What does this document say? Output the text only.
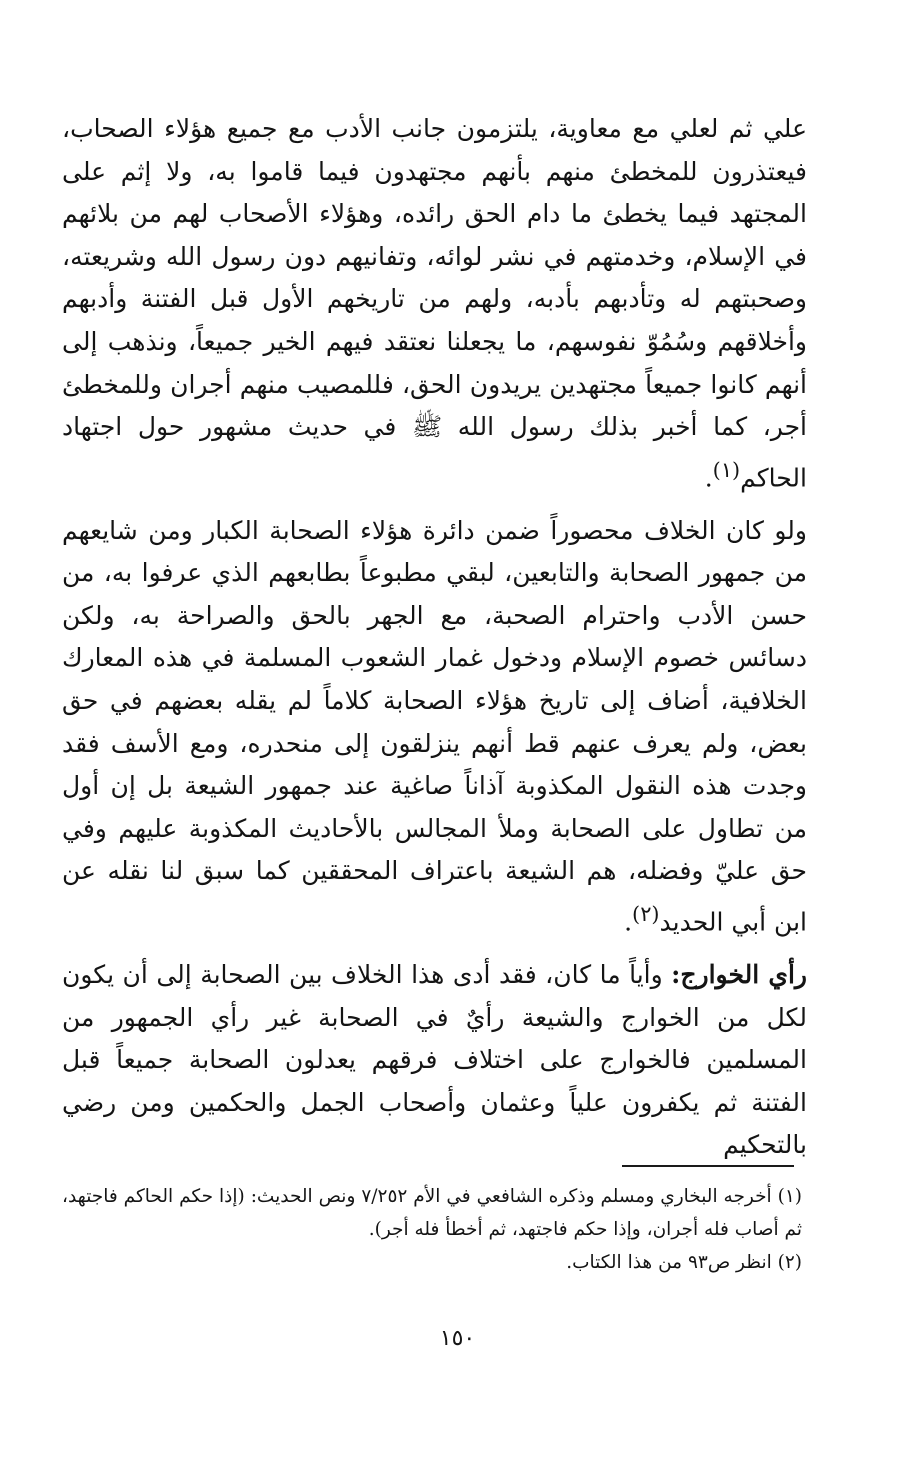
علي ثم لعلي مع معاوية، يلتزمون جانب الأدب مع جميع هؤلاء الصحاب، فيعتذرون للمخطئ منهم بأنهم مجتهدون فيما قاموا به، ولا إثم على المجتهد فيما يخطئ ما دام الحق رائده، وهؤلاء الأصحاب لهم من بلائهم في الإسلام، وخدمتهم في نشر لوائه، وتفانيهم دون رسول الله وشريعته، وصحبتهم له وتأدبهم بأدبه، ولهم من تاريخهم الأول قبل الفتنة وأدبهم وأخلاقهم وسُمُوّ نفوسهم، ما يجعلنا نعتقد فيهم الخير جميعاً، ونذهب إلى أنهم كانوا جميعاً مجتهدين يريدون الحق، فللمصيب منهم أجران وللمخطئ أجر، كما أخبر بذلك رسول الله ﷺ في حديث مشهور حول اجتهاد الحاكم$^{(١)}$.

ولو كان الخلاف محصوراً ضمن دائرة هؤلاء الصحابة الكبار ومن شايعهم من جمهور الصحابة والتابعين، لبقي مطبوعاً بطابعهم الذي عرفوا به، من حسن الأدب واحترام الصحبة، مع الجهر بالحق والصراحة به، ولكن دسائس خصوم الإسلام ودخول غمار الشعوب المسلمة في هذه المعارك الخلافية، أضاف إلى تاريخ هؤلاء الصحابة كلاماً لم يقله بعضهم في حق بعض، ولم يعرف عنهم قط أنهم ينزلقون إلى منحدره، ومع الأسف فقد وجدت هذه النقول المكذوبة آذاناً صاغية عند جمهور الشيعة بل إن أول من تطاول على الصحابة وملأ المجالس بالأحاديث المكذوبة عليهم وفي حق عليّ وفضله، هم الشيعة باعتراف المحققين كما سبق لنا نقله عن ابن أبي الحديد$^{(٢)}$.

رأي الخوارج: وأياً ما كان، فقد أدى هذا الخلاف بين الصحابة إلى أن يكون لكل من الخوارج والشيعة رأيٌ في الصحابة غير رأي الجمهور من المسلمين فالخوارج على اختلاف فرقهم يعدلون الصحابة جميعاً قبل الفتنة ثم يكفرون علياً وعثمان وأصحاب الجمل والحكمين ومن رضي بالتحكيم

(١) أخرجه البخاري ومسلم وذكره الشافعي في الأم ٧/٢٥٢ ونص الحديث: (إذا حكم الحاكم فاجتهد، ثم أصاب فله أجران، وإذا حكم فاجتهد، ثم أخطأ فله أجر).

(٢) انظر ص٩٣ من هذا الكتاب.

١٥٠
